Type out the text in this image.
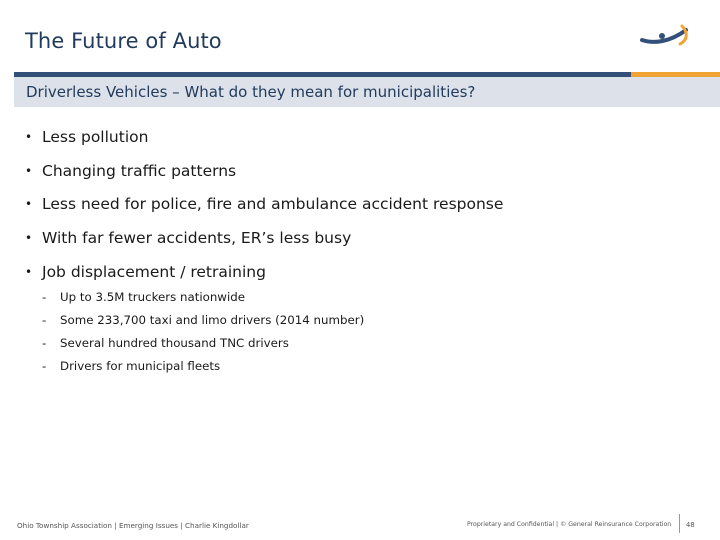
The Future of Auto
Driverless Vehicles – What do they mean for municipalities?
• Less pollution
• Changing traffic patterns
• Less need for police, fire and ambulance accident response
• With far fewer accidents, ER’s less busy
• Job displacement / retraining
- Up to 3.5M truckers nationwide
- Some 233,700 taxi and limo drivers (2014 number)
- Several hundred thousand TNC drivers
- Drivers for municipal fleets
Ohio Township Association | Emerging Issues | Charlie Kingdollar	Proprietary and Confidential | © General Reinsurance Corporation 48
